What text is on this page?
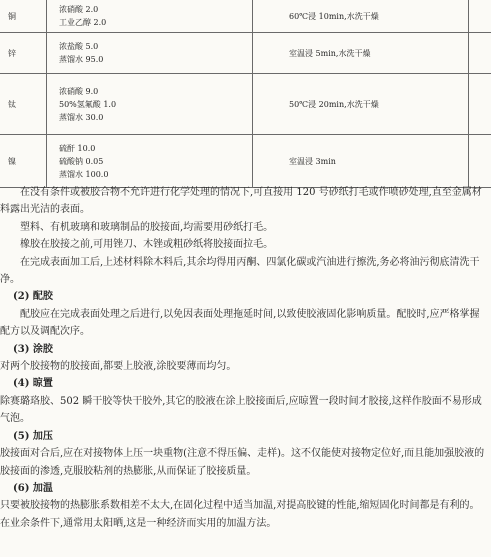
铜	浓硝酸 2.0
工业乙醇 2.0	60℃浸 10min,水洗干燥	
锌	浓盐酸 5.0
蒸馏水 95.0	室温浸 5min,水洗干燥	
钛	浓硝酸 9.0
50%氢氟酸 1.0
蒸馏水 30.0	50℃浸 20min,水洗干燥	
镍	硫酐 10.0
硫酸钠 0.05
蒸馏水 100.0	室温浸 3min	

在没有条件或被胶合物不允许进行化学处理的情况下,可直接用 120 号砂纸打毛或作喷砂处理,直至金属材料露出光洁的表面。

塑料、有机玻璃和玻璃制品的胶接面,均需要用砂纸打毛。

橡胶在胶接之前,可用锉刀、木锉或粗砂纸将胶接面拉毛。

在完成表面加工后,上述材料除木料后,其余均得用丙酮、四氯化碳或汽油进行擦洗,务必将油污彻底清洗干净。

(2) 配胶

配胶应在完成表面处理之后进行,以免因表面处理拖延时间,以致使胶液固化影响质量。配胶时,应严格掌握配方以及调配次序。

(3) 涂胶

对两个胶接物的胶接面,都要上胶液,涂胶要薄而均匀。

(4) 晾置

除赛璐珞胶、502 瞬干胶等快干胶外,其它的胶液在涂上胶接面后,应晾置一段时间才胶接,这样作胶面不易形成气泡。

(5) 加压

胶接面对合后,应在对接物体上压一块重物(注意不得压偏、走样)。这不仅能使对接物定位好,而且能加强胶液的胶接面的渗透,克服胶粘剂的热膨胀,从而保证了胶接质量。

(6) 加温

只要被胶接物的热膨胀系数相差不太大,在固化过程中适当加温,对提高胶键的性能,缩短固化时间都是有利的。在业余条件下,通常用太阳晒,这是一种经济而实用的加温方法。
